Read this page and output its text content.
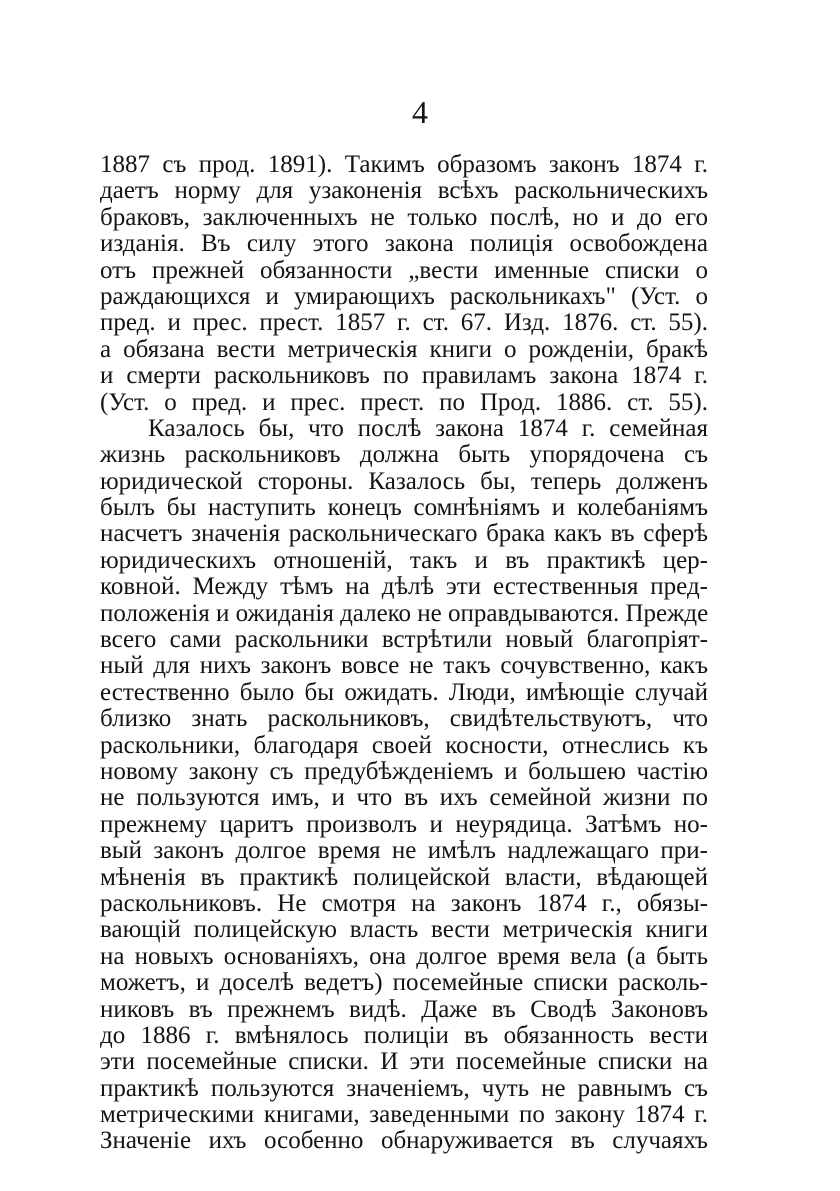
4
1887 съ прод. 1891). Такимъ образомъ законъ 1874 г.
даетъ норму для узаконенія всѣхъ раскольническихъ
браковъ, заключенныхъ не только послѣ, но и до его
изданія. Въ силу этого закона полиція освобождена
отъ прежней обязанности „вести именные списки о
раждающихся и умирающихъ раскольникахъ" (Уст. о
пред. и прес. прест. 1857 г. ст. 67. Изд. 1876. ст. 55).
а обязана вести метрическія книги о рожденіи, бракѣ
и смерти раскольниковъ по правиламъ закона 1874 г.
(Уст. о пред. и прес. прест. по Прод. 1886. ст. 55).
Казалось бы, что послѣ закона 1874 г. семейная
жизнь раскольниковъ должна быть упорядочена съ
юридической стороны. Казалось бы, теперь долженъ
былъ бы наступить конецъ сомнѣніямъ и колебаніямъ
насчетъ значенія раскольническаго брака какъ въ сферѣ
юридическихъ отношеній, такъ и въ практикѣ цер-
ковной. Между тѣмъ на дѣлѣ эти естественныя пред-
положенія и ожиданія далеко не оправдываются. Прежде
всего сами раскольники встрѣтили новый благопріят-
ный для нихъ законъ вовсе не такъ сочувственно, какъ
естественно было бы ожидать. Люди, имѣющіе случай
близко знать раскольниковъ, свидѣтельствуютъ, что
раскольники, благодаря своей косности, отнеслись къ
новому закону съ предубѣжденіемъ и большею частію
не пользуются имъ, и что въ ихъ семейной жизни по
прежнему царитъ произволъ и неурядица. Затѣмъ но-
вый законъ долгое время не имѣлъ надлежащаго при-
мѣненія въ практикѣ полицейской власти, вѣдающей
раскольниковъ. Не смотря на законъ 1874 г., обязы-
вающій полицейскую власть вести метрическія книги
на новыхъ основаніяхъ, она долгое время вела (а быть
можетъ, и доселѣ ведетъ) посемейные списки расколь-
никовъ въ прежнемъ видѣ. Даже въ Сводѣ Законовъ
до 1886 г. вмѣнялось полиціи въ обязанность вести
эти посемейные списки. И эти посемейные списки на
практикѣ пользуются значеніемъ, чуть не равнымъ съ
метрическими книгами, заведенными по закону 1874 г.
Значеніе ихъ особенно обнаруживается въ случаяхъ
